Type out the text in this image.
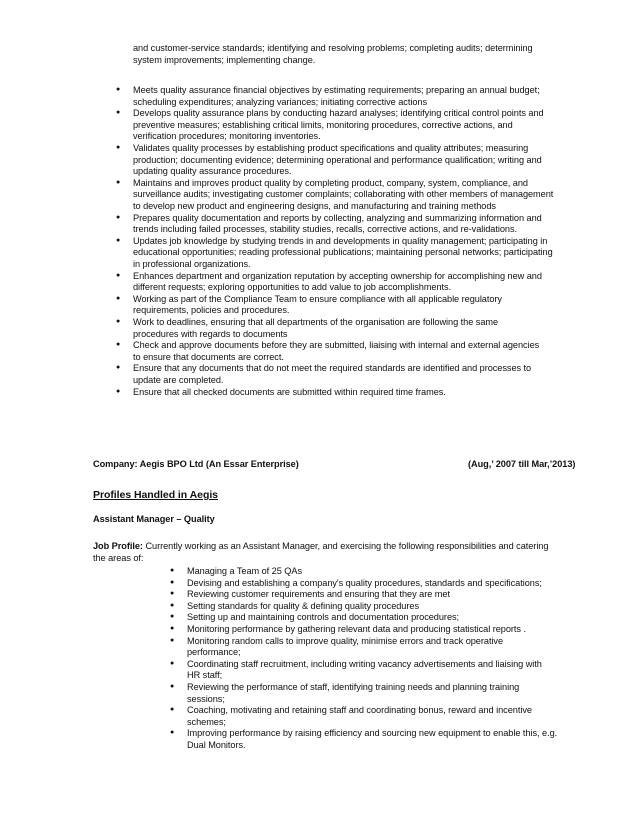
and customer-service standards; identifying and resolving problems; completing audits; determining
system improvements; implementing change.
● Meets quality assurance financial objectives by estimating requirements; preparing an annual budget;
scheduling expenditures; analyzing variances; initiating corrective actions
● Develops quality assurance plans by conducting hazard analyses; identifying critical control points and
preventive measures; establishing critical limits, monitoring procedures, corrective actions, and
verification procedures; monitoring inventories.
● Validates quality processes by establishing product specifications and quality attributes; measuring
production; documenting evidence; determining operational and performance qualification; writing and
updating quality assurance procedures.
● Maintains and improves product quality by completing product, company, system, compliance, and
surveillance audits; investigating customer complaints; collaborating with other members of management
to develop new product and engineering designs, and manufacturing and training methods
● Prepares quality documentation and reports by collecting, analyzing and summarizing information and
trends including failed processes, stability studies, recalls, corrective actions, and re-validations.
● Updates job knowledge by studying trends in and developments in quality management; participating in
educational opportunities; reading professional publications; maintaining personal networks; participating
in professional organizations.
● Enhances department and organization reputation by accepting ownership for accomplishing new and
different requests; exploring opportunities to add value to job accomplishments.
● Working as part of the Compliance Team to ensure compliance with all applicable regulatory
requirements, policies and procedures.
● Work to deadlines, ensuring that all departments of the organisation are following the same
procedures with regards to documents
● Check and approve documents before they are submitted, liaising with internal and external agencies
to ensure that documents are correct.
● Ensure that any documents that do not meet the required standards are identified and processes to
update are completed.
● Ensure that all checked documents are submitted within required time frames.
Company: Aegis BPO Ltd (An Essar Enterprise)	(Aug,’ 2007 till Mar,’2013)
Profiles Handled in Aegis
Assistant Manager – Quality
Job Profile: Currently working as an Assistant Manager, and exercising the following responsibilities and catering
the areas of:
● Managing a Team of 25 QAs
● Devising and establishing a company's quality procedures, standards and specifications;
● Reviewing customer requirements and ensuring that they are met
● Setting standards for quality & defining quality procedures
● Setting up and maintaining controls and documentation procedures;
● Monitoring performance by gathering relevant data and producing statistical reports .
● Monitoring random calls to improve quality, minimise errors and track operative
performance;
● Coordinating staff recruitment, including writing vacancy advertisements and liaising with
HR staff;
● Reviewing the performance of staff, identifying training needs and planning training
sessions;
● Coaching, motivating and retaining staff and coordinating bonus, reward and incentive
schemes;
● Improving performance by raising efficiency and sourcing new equipment to enable this, e.g.
Dual Monitors.
